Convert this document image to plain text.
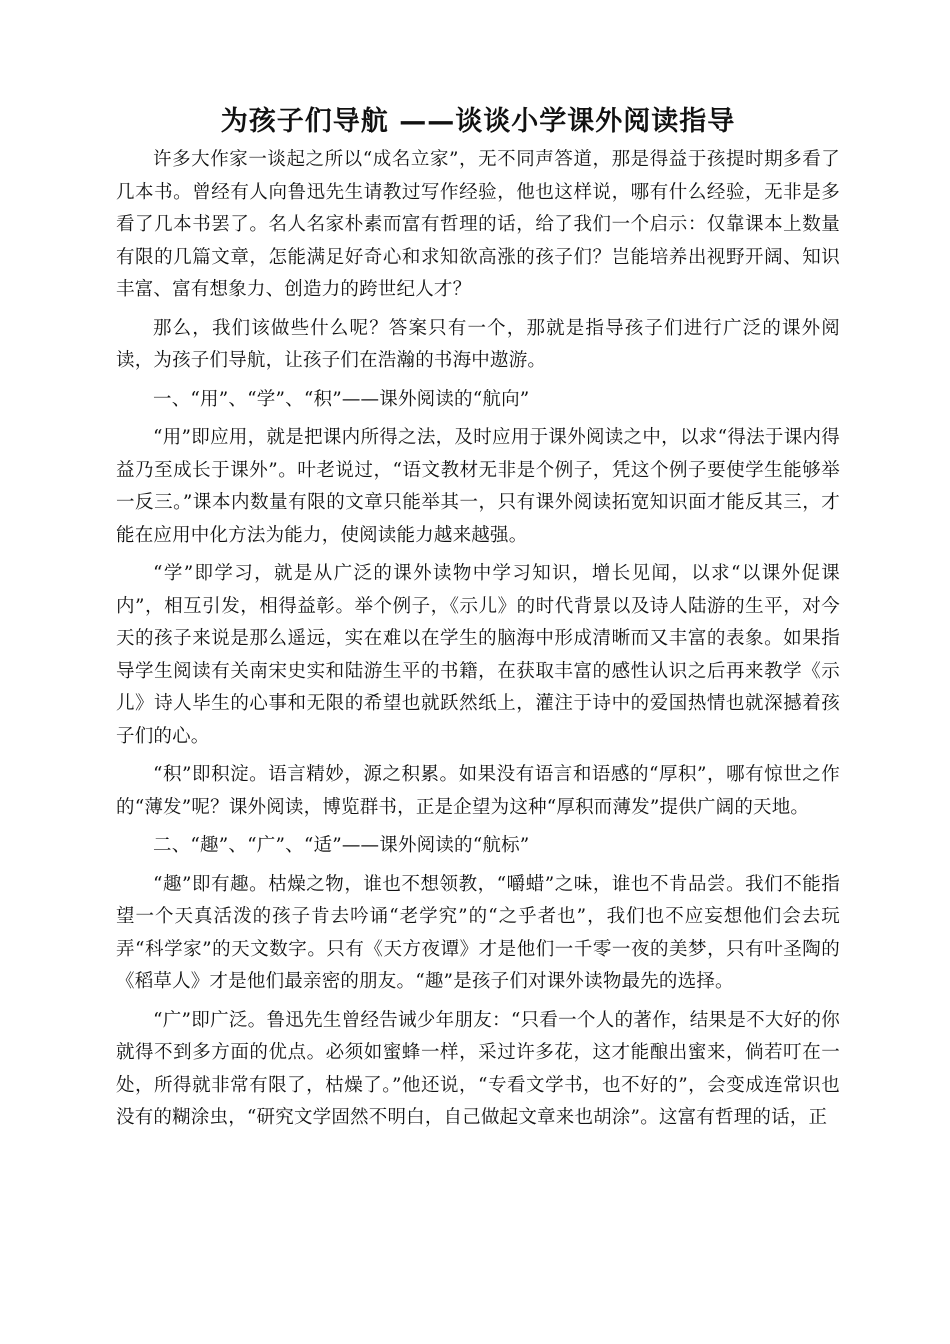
为孩子们导航 ——谈谈小学课外阅读指导

许多大作家一谈起之所以“成名立家”，无不同声答道，那是得益于孩提时期多看了几本书。曾经有人向鲁迅先生请教过写作经验，他也这样说，哪有什么经验，无非是多看了几本书罢了。名人名家朴素而富有哲理的话，给了我们一个启示：仅靠课本上数量有限的几篇文章，怎能满足好奇心和求知欲高涨的孩子们？岂能培养出视野开阔、知识丰富、富有想象力、创造力的跨世纪人才？

那么，我们该做些什么呢？答案只有一个，那就是指导孩子们进行广泛的课外阅读，为孩子们导航，让孩子们在浩瀚的书海中遨游。

一、“用”、“学”、“积”——课外阅读的“航向”

“用”即应用，就是把课内所得之法，及时应用于课外阅读之中，以求“得法于课内得益乃至成长于课外”。叶老说过，“语文教材无非是个例子，凭这个例子要使学生能够举一反三。”课本内数量有限的文章只能举其一，只有课外阅读拓宽知识面才能反其三，才能在应用中化方法为能力，使阅读能力越来越强。

“学”即学习，就是从广泛的课外读物中学习知识，增长见闻，以求“以课外促课内”，相互引发，相得益彰。举个例子，《示儿》的时代背景以及诗人陆游的生平，对今天的孩子来说是那么遥远，实在难以在学生的脑海中形成清晰而又丰富的表象。如果指导学生阅读有关南宋史实和陆游生平的书籍，在获取丰富的感性认识之后再来教学《示儿》诗人毕生的心事和无限的希望也就跃然纸上，灌注于诗中的爱国热情也就深撼着孩子们的心。

“积”即积淀。语言精妙，源之积累。如果没有语言和语感的“厚积”，哪有惊世之作的“薄发”呢？课外阅读，博览群书，正是企望为这种“厚积而薄发”提供广阔的天地。

二、“趣”、“广”、“适”——课外阅读的“航标”

“趣”即有趣。枯燥之物，谁也不想领教，“嚼蜡”之味，谁也不肯品尝。我们不能指望一个天真活泼的孩子肯去吟诵“老学究”的“之乎者也”，我们也不应妄想他们会去玩弄“科学家”的天文数字。只有《天方夜谭》才是他们一千零一夜的美梦，只有叶圣陶的《稻草人》才是他们最亲密的朋友。“趣”是孩子们对课外读物最先的选择。

“广”即广泛。鲁迅先生曾经告诫少年朋友：“只看一个人的著作，结果是不大好的你就得不到多方面的优点。必须如蜜蜂一样，采过许多花，这才能酿出蜜来，倘若叮在一处，所得就非常有限了，枯燥了。”他还说，“专看文学书，也不好的”，会变成连常识也没有的糊涂虫，“研究文学固然不明白，自己做起文章来也胡涂”。这富有哲理的话，正
